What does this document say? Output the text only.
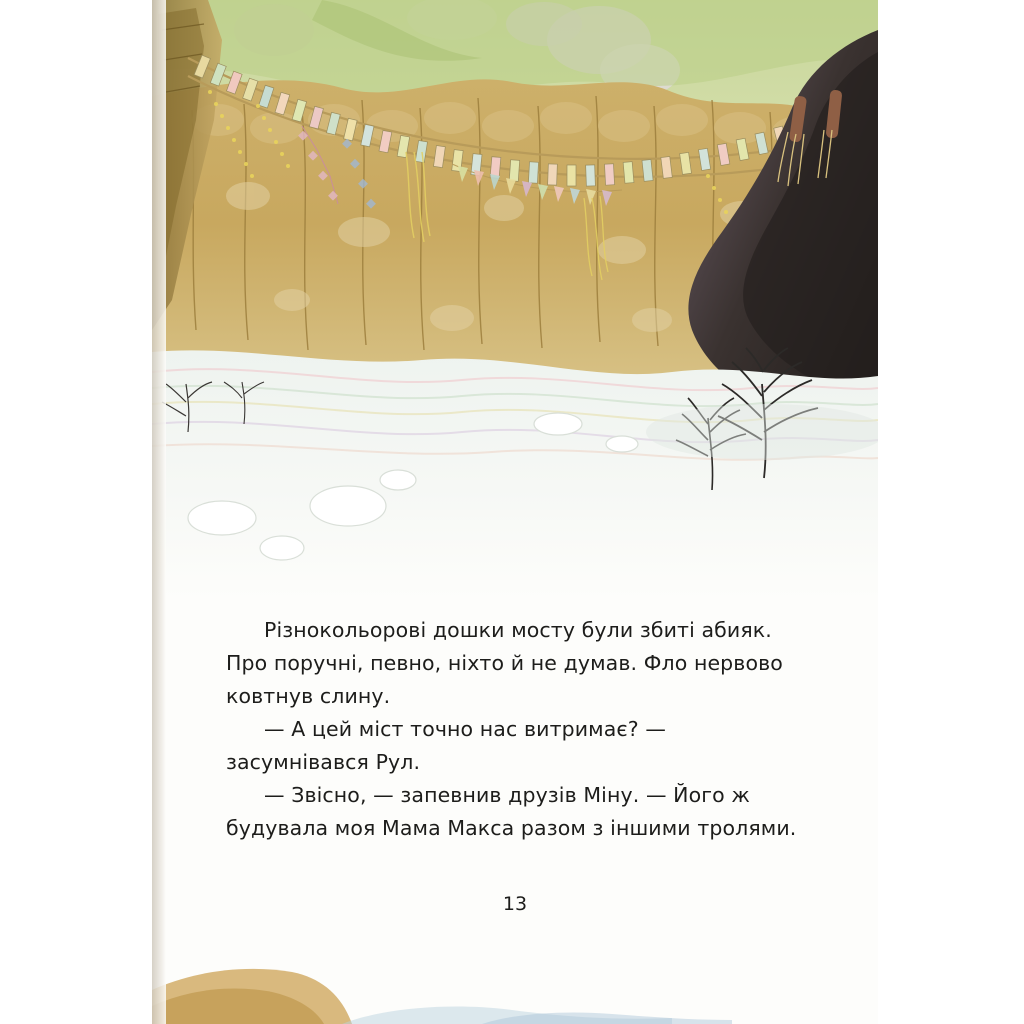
Різнокольорові дошки мосту були збиті абияк. Про поручні, певно, ніхто й не думав. Фло нервово ковтнув слину.

— А цей міст точно нас витримає? — засумнівався Рул.

— Звісно, — запевнив друзів Міну. — Його ж будувала моя Мама Макса разом з іншими тролями.

13
